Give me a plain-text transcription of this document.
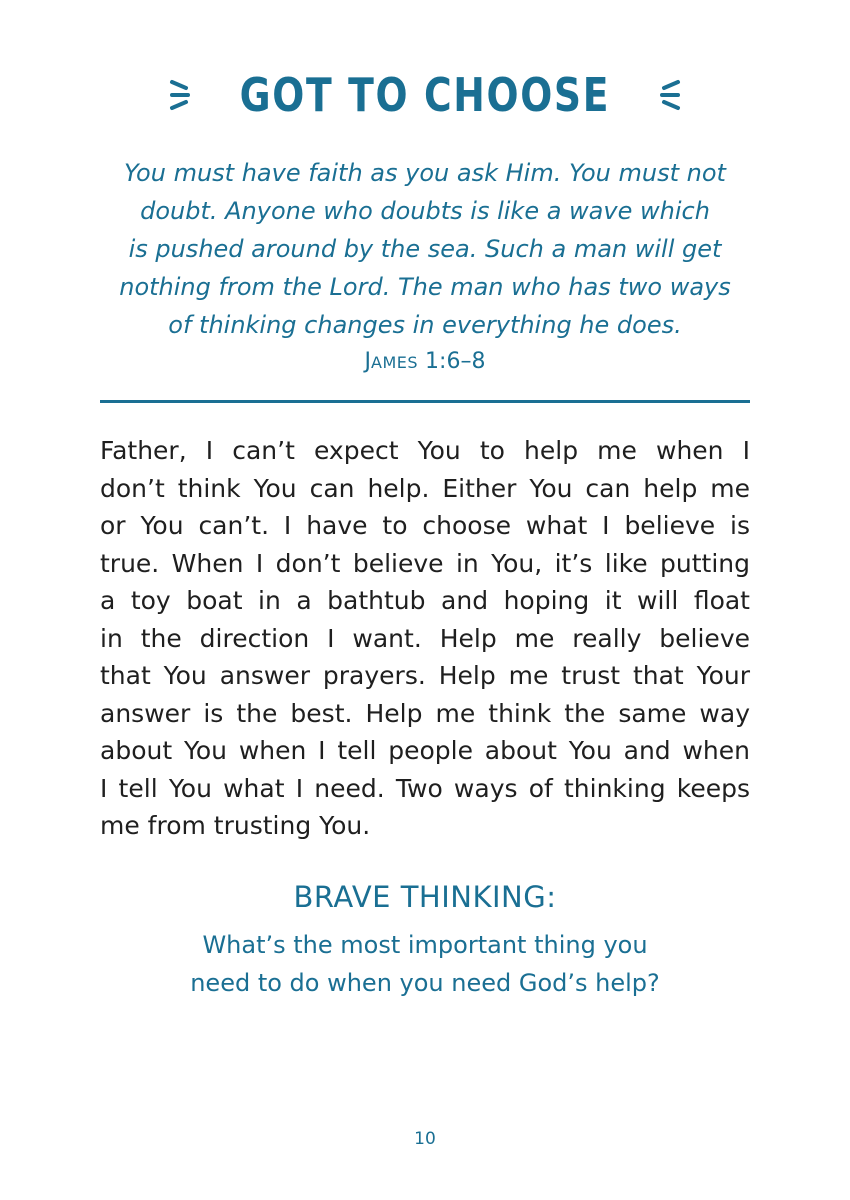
GOT TO CHOOSE
You must have faith as you ask Him. You must not
doubt. Anyone who doubts is like a wave which
is pushed around by the sea. Such a man will get
nothing from the Lord. The man who has two ways
of thinking changes in everything he does.
JAMES 1:6–8
Father, I can’t expect You to help me when I
don’t think You can help. Either You can help me
or You can’t. I have to choose what I believe is
true. When I don’t believe in You, it’s like putting
a toy boat in a bathtub and hoping it will float
in the direction I want. Help me really believe
that You answer prayers. Help me trust that Your
answer is the best. Help me think the same way
about You when I tell people about You and when
I tell You what I need. Two ways of thinking keeps
me from trusting You.
BRAVE THINKING:
What’s the most important thing you
need to do when you need God’s help?
10
